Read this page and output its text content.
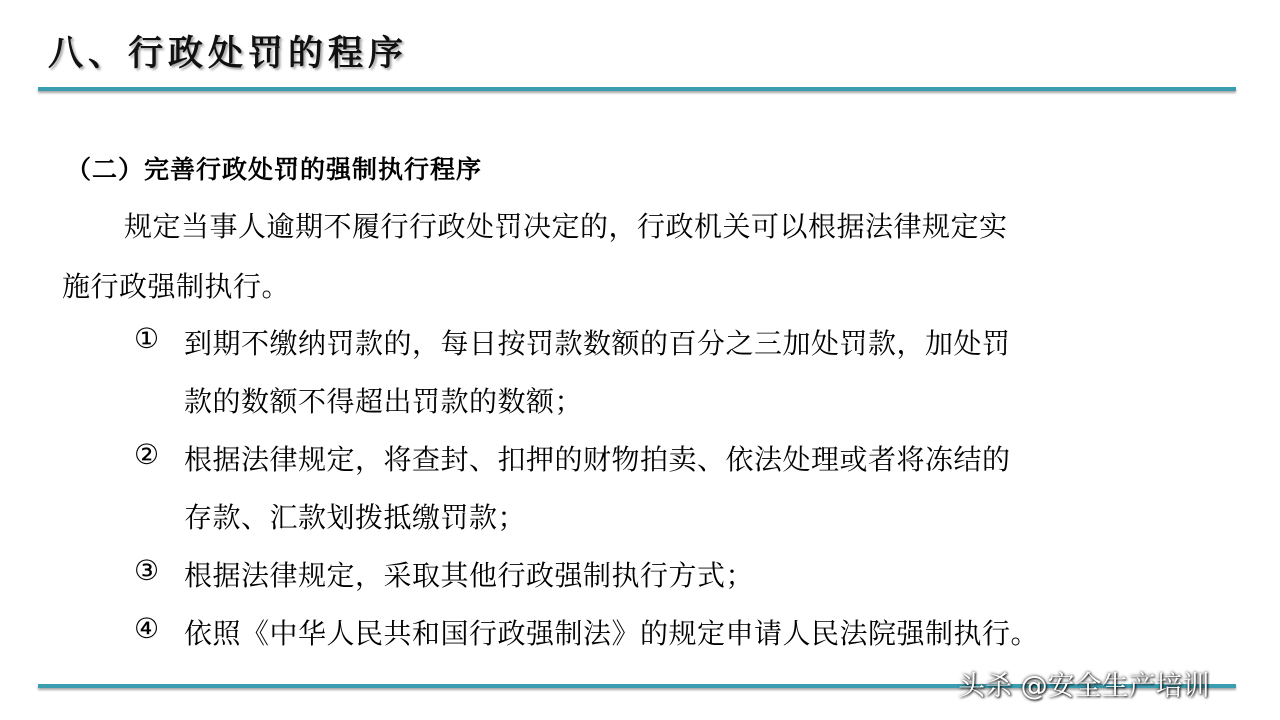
八、行政处罚的程序
（二）完善行政处罚的强制执行程序
规定当事人逾期不履行行政处罚决定的，行政机关可以根据法律规定实
施行政强制执行。
① 到期不缴纳罚款的，每日按罚款数额的百分之三加处罚款，加处罚
款的数额不得超出罚款的数额；
② 根据法律规定，将查封、扣押的财物拍卖、依法处理或者将冻结的
存款、汇款划拨抵缴罚款；
③ 根据法律规定，采取其他行政强制执行方式；
④ 依照《中华人民共和国行政强制法》的规定申请人民法院强制执行。
头杀 @安全生产培训
